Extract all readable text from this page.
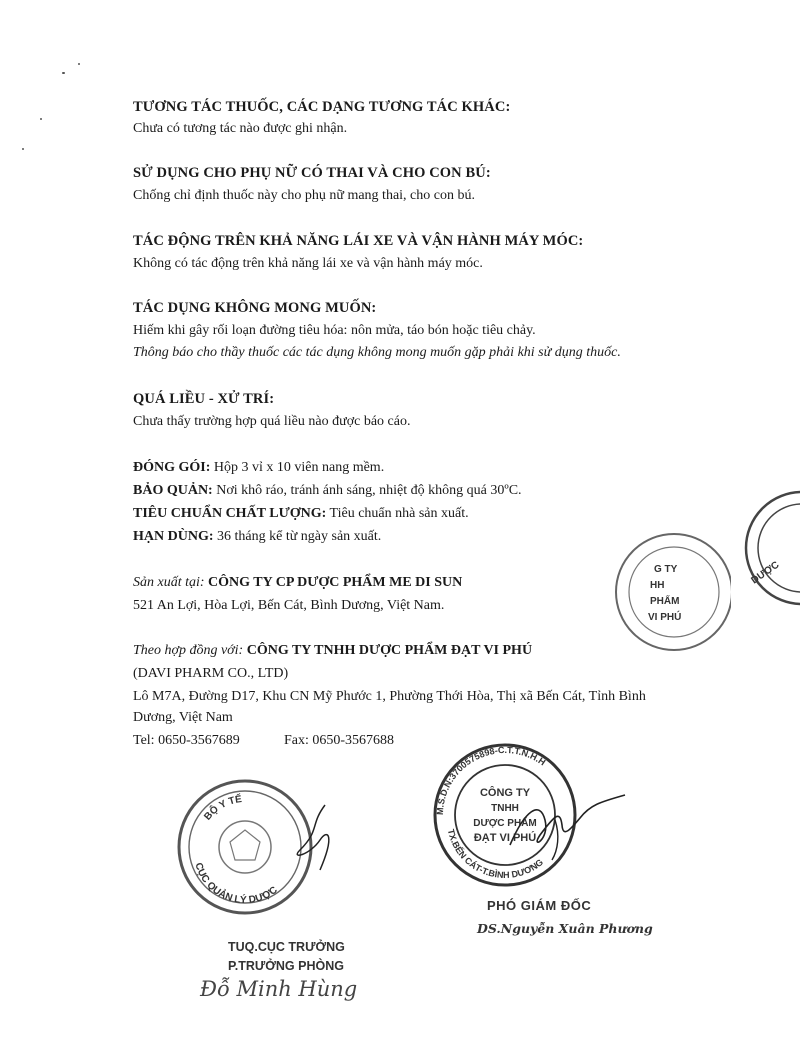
TƯƠNG TÁC THUỐC, CÁC DẠNG TƯƠNG TÁC KHÁC:
Chưa có tương tác nào được ghi nhận.
SỬ DỤNG CHO PHỤ NỮ CÓ THAI VÀ CHO CON BÚ:
Chống chỉ định thuốc này cho phụ nữ mang thai, cho con bú.
TÁC ĐỘNG TRÊN KHẢ NĂNG LÁI XE VÀ VẬN HÀNH MÁY MÓC:
Không có tác động trên khả năng lái xe và vận hành máy móc.
TÁC DỤNG KHÔNG MONG MUỐN:
Hiếm khi gây rối loạn đường tiêu hóa: nôn mửa, táo bón hoặc tiêu chảy.
Thông báo cho thầy thuốc các tác dụng không mong muốn gặp phải khi sử dụng thuốc.
QUÁ LIỀU - XỬ TRÍ:
Chưa thấy trường hợp quá liều nào được báo cáo.
ĐÓNG GÓI: Hộp 3 vỉ x 10 viên nang mềm.
BẢO QUẢN: Nơi khô ráo, tránh ánh sáng, nhiệt độ không quá 30ºC.
TIÊU CHUẨN CHẤT LƯỢNG: Tiêu chuẩn nhà sản xuất.
HẠN DÙNG: 36 tháng kể từ ngày sản xuất.
Sản xuất tại: CÔNG TY CP DƯỢC PHẨM ME DI SUN
521 An Lợi, Hòa Lợi, Bến Cát, Bình Dương, Việt Nam.
Theo hợp đồng với: CÔNG TY TNHH DƯỢC PHẨM ĐẠT VI PHÚ
(DAVI PHARM CO., LTD)
Lô M7A, Đường D17, Khu CN Mỹ Phước 1, Phường Thới Hòa, Thị xã Bến Cát, Tỉnh Bình
Dương, Việt Nam
Tel: 0650-3567689	Fax: 0650-3567688
DƯỢC
G TY
HH
PHẨM
VI PHÚ
M.S.D.N:3700575898-C.T.T.N.H.H
TX.BẾN CÁT-T.BÌNH DƯƠNG
CÔNG TY
TNHH
DƯỢC PHẨM
ĐẠT VI PHÚ
PHÓ GIÁM ĐỐC
DS.Nguyễn Xuân Phương
BỘ Y TẾ
CỤC QUẢN LÝ DƯỢC
TUQ.CỤC TRƯỞNG
P.TRƯỞNG PHÒNG
Đỗ Minh Hùng
